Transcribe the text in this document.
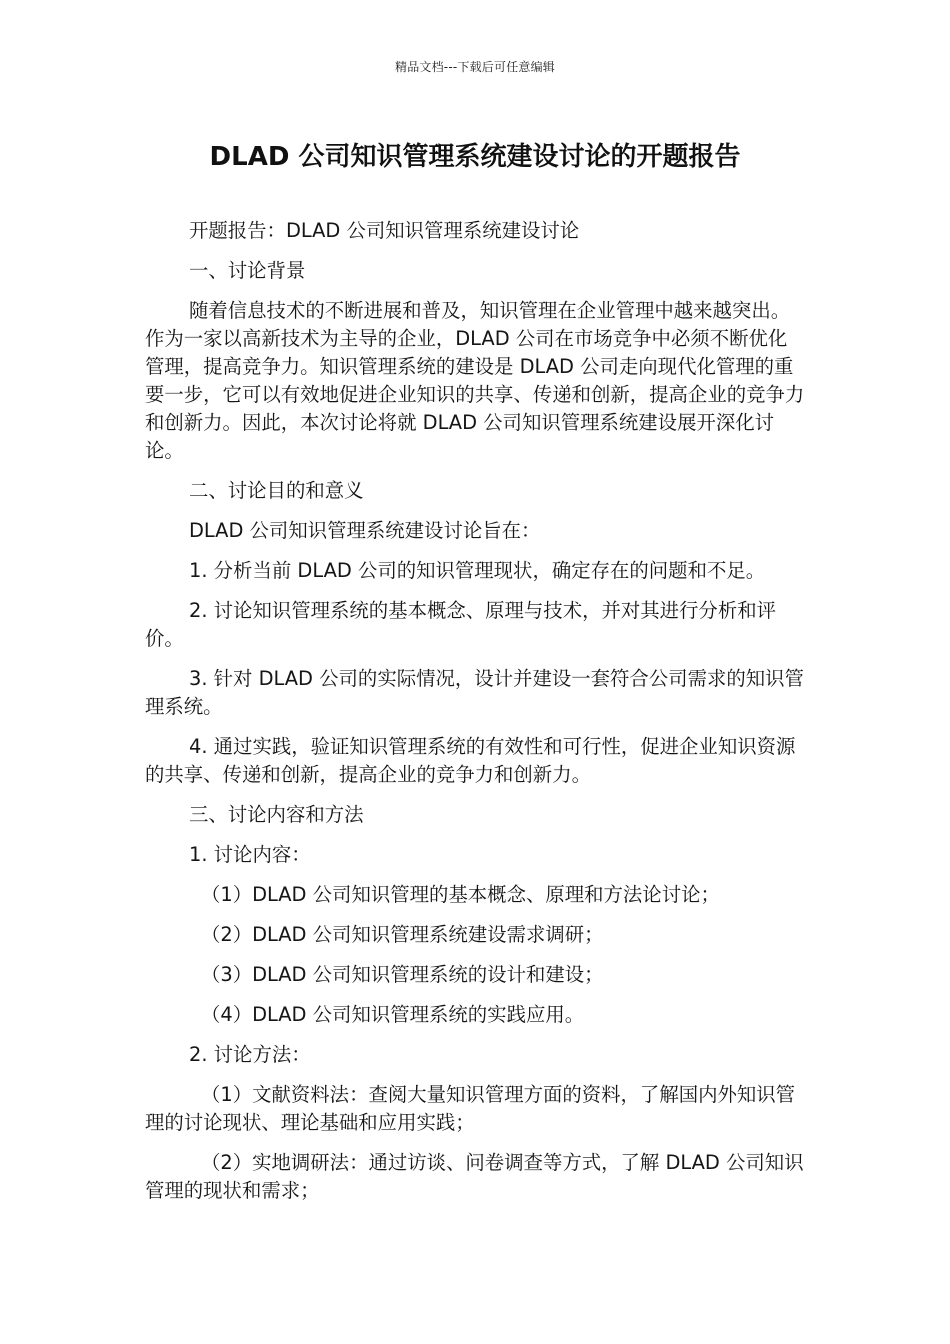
精品文档---下载后可任意编辑
DLAD 公司知识管理系统建设讨论的开题报告

开题报告：DLAD 公司知识管理系统建设讨论

一、讨论背景

随着信息技术的不断进展和普及，知识管理在企业管理中越来越突出。作为一家以高新技术为主导的企业，DLAD 公司在市场竞争中必须不断优化管理，提高竞争力。知识管理系统的建设是 DLAD 公司走向现代化管理的重要一步，它可以有效地促进企业知识的共享、传递和创新，提高企业的竞争力和创新力。因此，本次讨论将就 DLAD 公司知识管理系统建设展开深化讨论。

二、讨论目的和意义

DLAD 公司知识管理系统建设讨论旨在：

1. 分析当前 DLAD 公司的知识管理现状，确定存在的问题和不足。

2. 讨论知识管理系统的基本概念、原理与技术，并对其进行分析和评价。

3. 针对 DLAD 公司的实际情况，设计并建设一套符合公司需求的知识管理系统。

4. 通过实践，验证知识管理系统的有效性和可行性，促进企业知识资源的共享、传递和创新，提高企业的竞争力和创新力。

三、讨论内容和方法

1. 讨论内容：

（1）DLAD 公司知识管理的基本概念、原理和方法论讨论；

（2）DLAD 公司知识管理系统建设需求调研；

（3）DLAD 公司知识管理系统的设计和建设；

（4）DLAD 公司知识管理系统的实践应用。

2. 讨论方法：

（1）文献资料法：查阅大量知识管理方面的资料，了解国内外知识管理的讨论现状、理论基础和应用实践；

（2）实地调研法：通过访谈、问卷调查等方式，了解 DLAD 公司知识管理的现状和需求；
